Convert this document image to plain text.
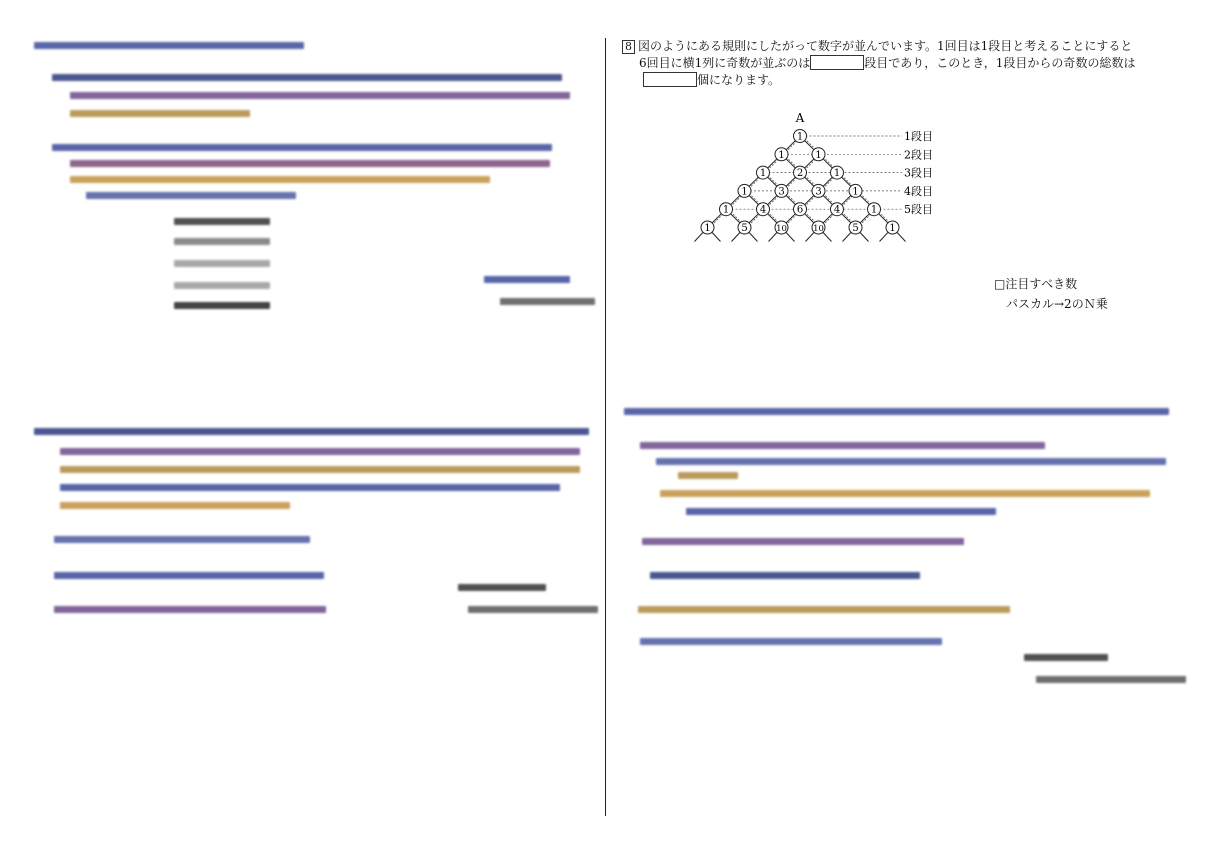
8 図のようにある規則にしたがって数字が並んでいます。1回目は1段目と考えることにすると
6回目に横1列に奇数が並ぶのは	段目であり，このとき，1段目からの奇数の総数は
個になります。
A
1段目
2段目
3段目
4段目
5段目
1
1	1
1	2	1
1	3	3	1
1	4	6	4	1
1	5	10	10	5	1
□注目すべき数
パスカル→2のＮ乗
